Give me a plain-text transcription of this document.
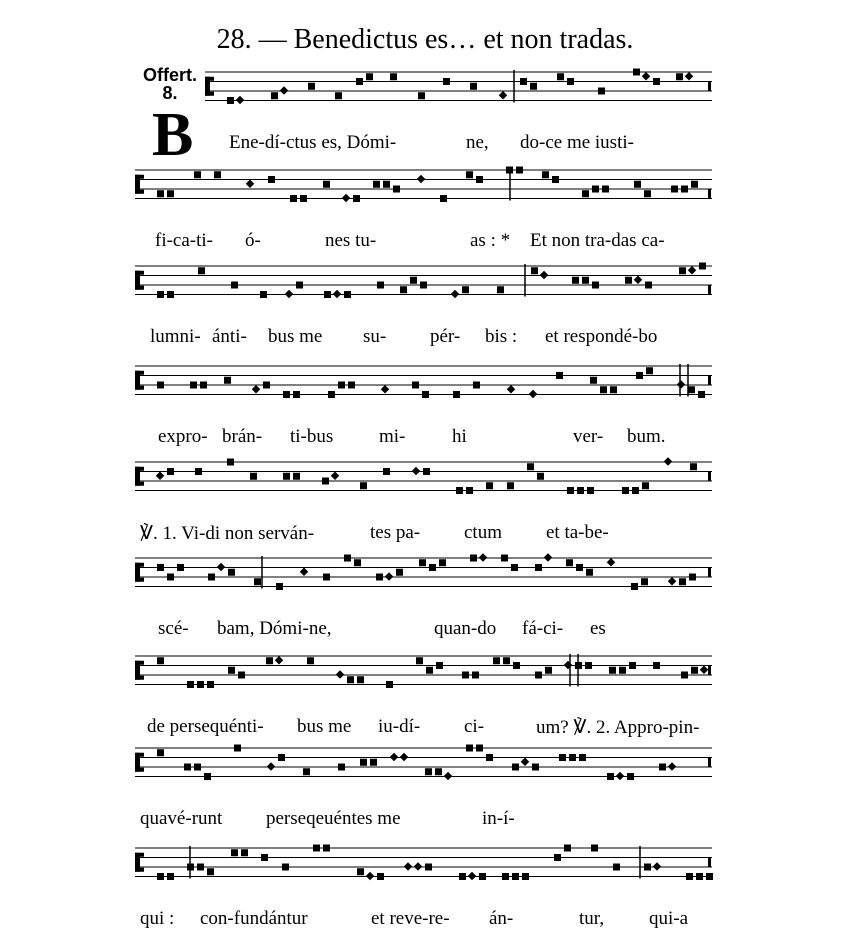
28. — Benedictus es… et non tradas.
Offert.
8.
B Ene-dí-ctus es, Dómi-	ne, do-ce me iusti-
fi-ca-ti- ó-	nes tu-	as : * Et non tra-das ca-
lumni- ánti- bus me su- pér- bis : et respondé-bo
expro- brán- ti-bus mi- hi	ver- bum.
℣. 1. Vi-di non serván-	tes pa- ctum et ta-be-
scé- bam, Dómi-ne,	quan-do fá-ci- es
de persequénti- bus me iu-dí- ci-	um? ℣. 2. Appro-pin-
quavé-runt perseqeuéntes me	in-í-
qui : con-fundántur	et reve-re- án-	tur, qui-a
